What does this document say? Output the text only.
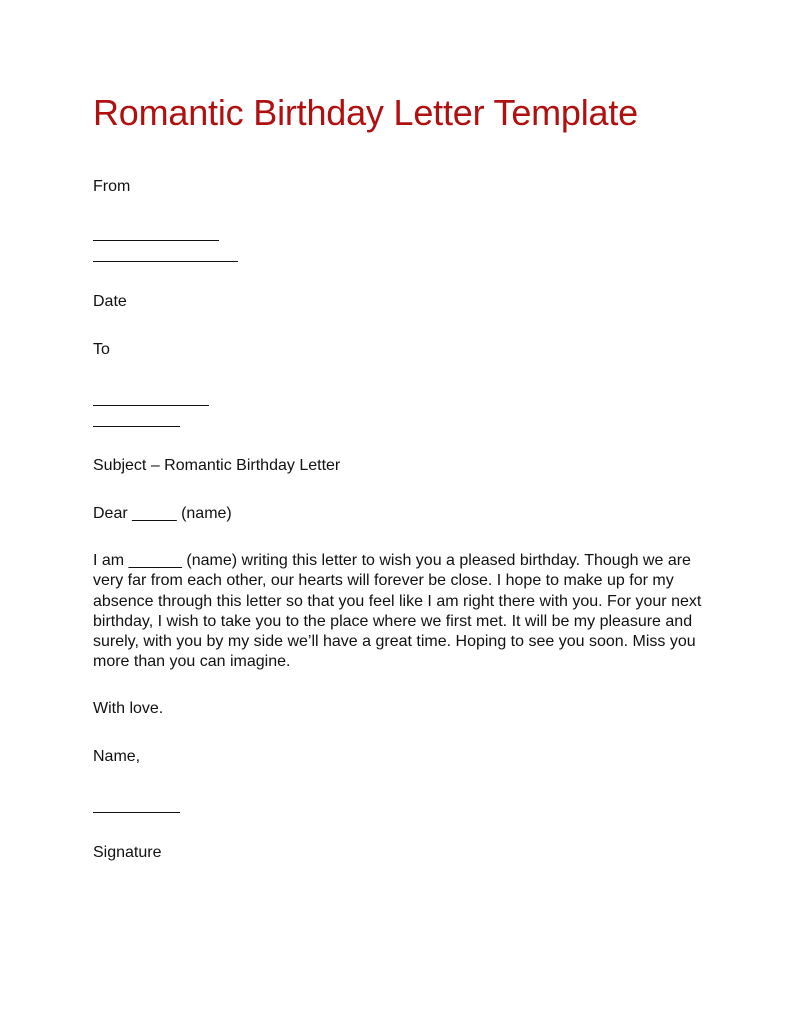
Romantic Birthday Letter Template
From
Date
To
Subject – Romantic Birthday Letter
Dear _____ (name)
I am ______ (name) writing this letter to wish you a pleased birthday. Though we are very far from each other, our hearts will forever be close. I hope to make up for my absence through this letter so that you feel like I am right there with you. For your next birthday, I wish to take you to the place where we first met. It will be my pleasure and surely, with you by my side we’ll have a great time. Hoping to see you soon. Miss you more than you can imagine.
With love.
Name,
Signature
